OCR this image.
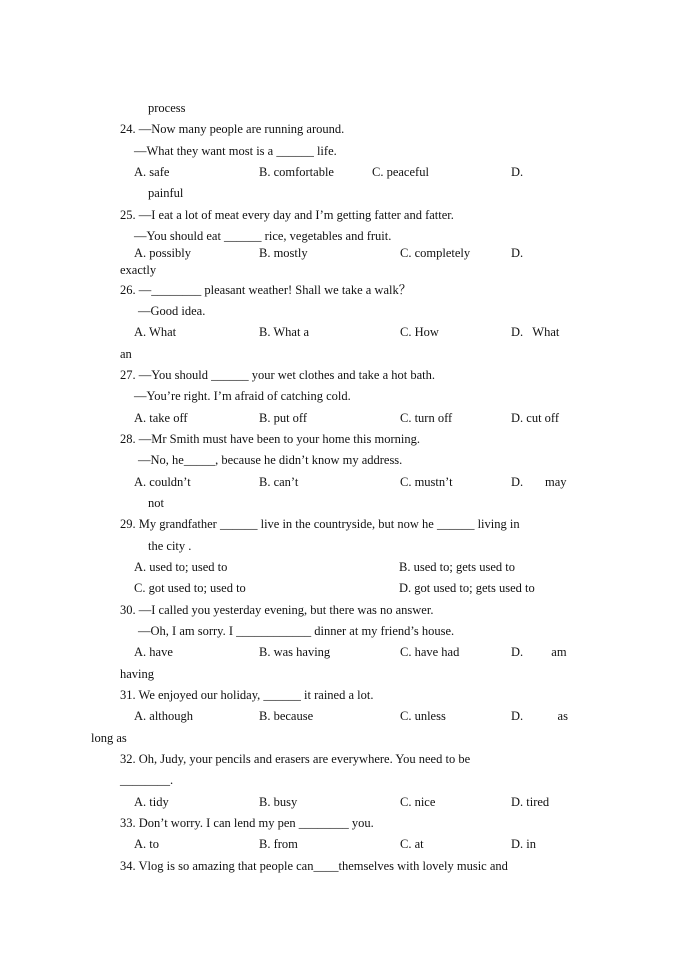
process
24. —Now many people are running around.
—What they want most is a ______ life.
A. safe	B. comfortable	C. peaceful	D.
painful
25. —I eat a lot of meat every day and I’m getting fatter and fatter.
—You should eat ______ rice, vegetables and fruit.
A. possibly	B. mostly	C. completely	D.
exactly
26. —________ pleasant weather! Shall we take a walk？
—Good idea.
A. What	B. What a	C. How	D.   What
an
27. —You should ______ your wet clothes and take a hot bath.
—You’re right. I’m afraid of catching cold.
A. take off	B. put off	C. turn off	D. cut off
28. —Mr Smith must have been to your home this morning.
—No, he_____, because he didn’t know my address.
A. couldn’t	B. can’t	C. mustn’t	D.       may
not
29. My grandfather ______ live in the countryside, but now he ______ living in
the city .
A. used to; used to	B. used to; gets used to
C. got used to; used to	D. got used to; gets used to
30. —I called you yesterday evening, but there was no answer.
—Oh, I am sorry. I ____________ dinner at my friend’s house.
A. have	B. was having	C. have had	D.         am
having
31. We enjoyed our holiday, ______ it rained a lot.
A. although	B. because	C. unless	D.           as
long as
32. Oh, Judy, your pencils and erasers are everywhere. You need to be
________.
A. tidy	B. busy	C. nice	D. tired
33. Don’t worry. I can lend my pen ________ you.
A. to	B. from	C. at	D. in
34. Vlog is so amazing that people can____themselves with lovely music and
